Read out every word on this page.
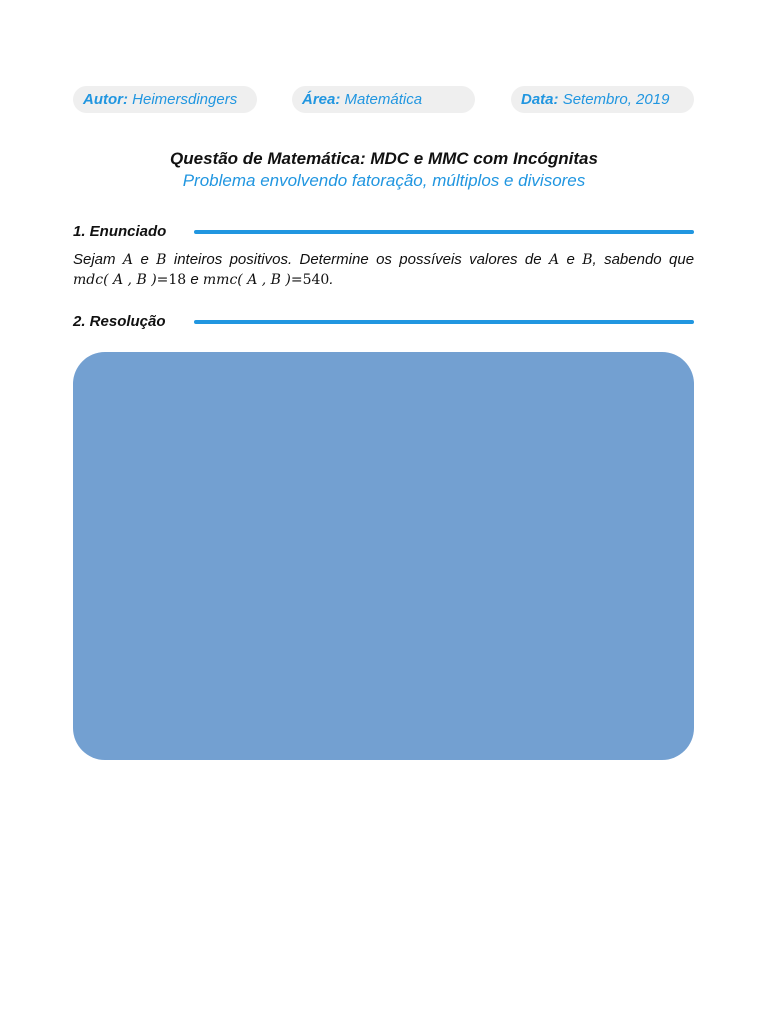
Autor: Heimersdingers	Área: Matemática	Data: Setembro, 2019
Questão de Matemática: MDC e MMC com Incógnitas
Problema envolvendo fatoração, múltiplos e divisores
1. Enunciado
Sejam A e B inteiros positivos. Determine os possíveis valores de A e B, sabendo que
mdc( A , B )=18 e mmc( A , B )=540.
2. Resolução
